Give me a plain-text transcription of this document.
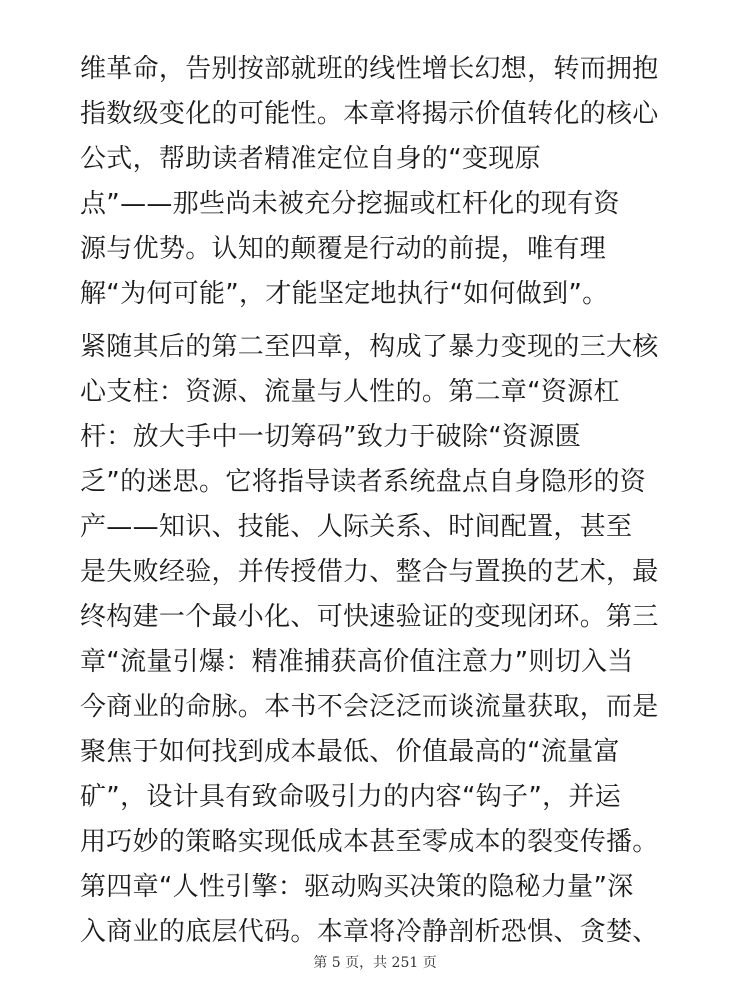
维革命，告别按部就班的线性增长幻想，转而拥抱
指数级变化的可能性。本章将揭示价值转化的核心
公式，帮助读者精准定位自身的“变现原
点”——那些尚未被充分挖掘或杠杆化的现有资
源与优势。认知的颠覆是行动的前提，唯有理
解“为何可能”，才能坚定地执行“如何做到”。
紧随其后的第二至四章，构成了暴力变现的三大核
心支柱：资源、流量与人性的。第二章“资源杠
杆：放大手中一切筹码”致力于破除“资源匮
乏”的迷思。它将指导读者系统盘点自身隐形的资
产——知识、技能、人际关系、时间配置，甚至
是失败经验，并传授借力、整合与置换的艺术，最
终构建一个最小化、可快速验证的变现闭环。第三
章“流量引爆：精准捕获高价值注意力”则切入当
今商业的命脉。本书不会泛泛而谈流量获取，而是
聚焦于如何找到成本最低、价值最高的“流量富
矿”，设计具有致命吸引力的内容“钩子”，并运
用巧妙的策略实现低成本甚至零成本的裂变传播。
第四章“人性引擎：驱动购买决策的隐秘力量”深
入商业的底层代码。本章将冷静剖析恐惧、贪婪、
第 5 页，共 251 页
